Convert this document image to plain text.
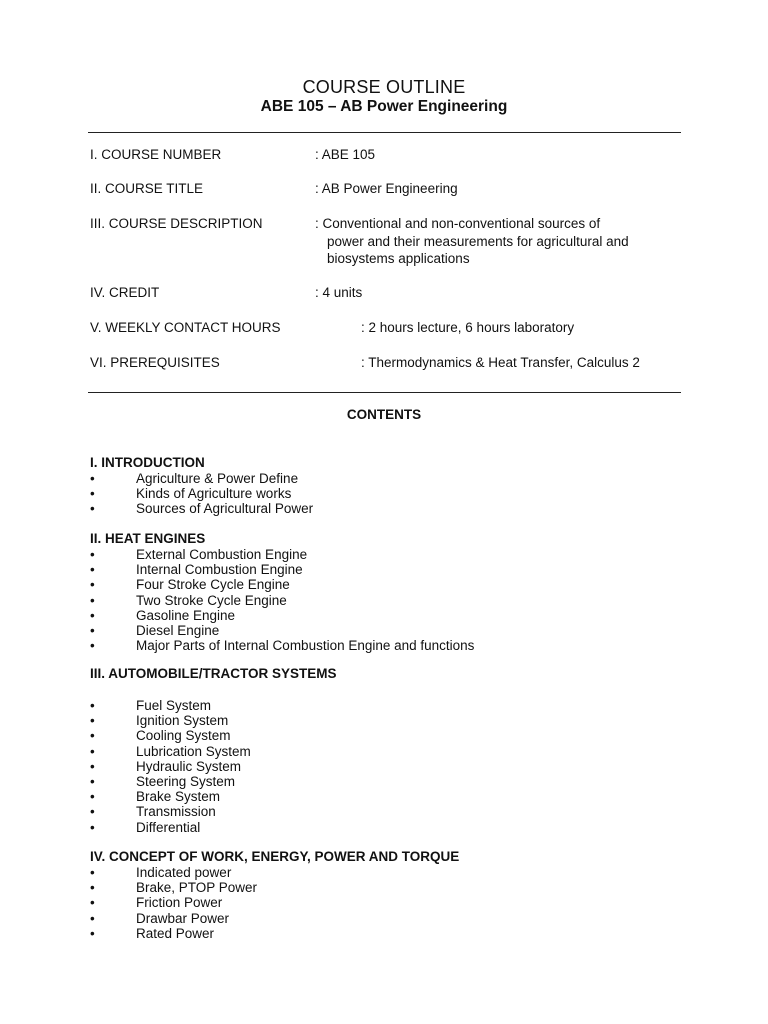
COURSE OUTLINE
ABE 105 – AB Power Engineering
I. COURSE NUMBER	: ABE 105
II. COURSE TITLE	: AB Power Engineering
III. COURSE DESCRIPTION	: Conventional and non-conventional sources of
power and their measurements for agricultural and
biosystems applications
IV. CREDIT	: 4 units
V. WEEKLY CONTACT HOURS	: 2 hours lecture, 6 hours laboratory
VI. PREREQUISITES	: Thermodynamics & Heat Transfer, Calculus 2
CONTENTS
I. INTRODUCTION
•	Agriculture & Power Define
•	Kinds of Agriculture works
•	Sources of Agricultural Power
II. HEAT ENGINES
•	External Combustion Engine
•	Internal Combustion Engine
•	Four Stroke Cycle Engine
•	Two Stroke Cycle Engine
•	Gasoline Engine
•	Diesel Engine
•	Major Parts of Internal Combustion Engine and functions
III. AUTOMOBILE/TRACTOR SYSTEMS
•	Fuel System
•	Ignition System
•	Cooling System
•	Lubrication System
•	Hydraulic System
•	Steering System
•	Brake System
•	Transmission
•	Differential
IV. CONCEPT OF WORK, ENERGY, POWER AND TORQUE
•	Indicated power
•	Brake, PTOP Power
•	Friction Power
•	Drawbar Power
•	Rated Power
